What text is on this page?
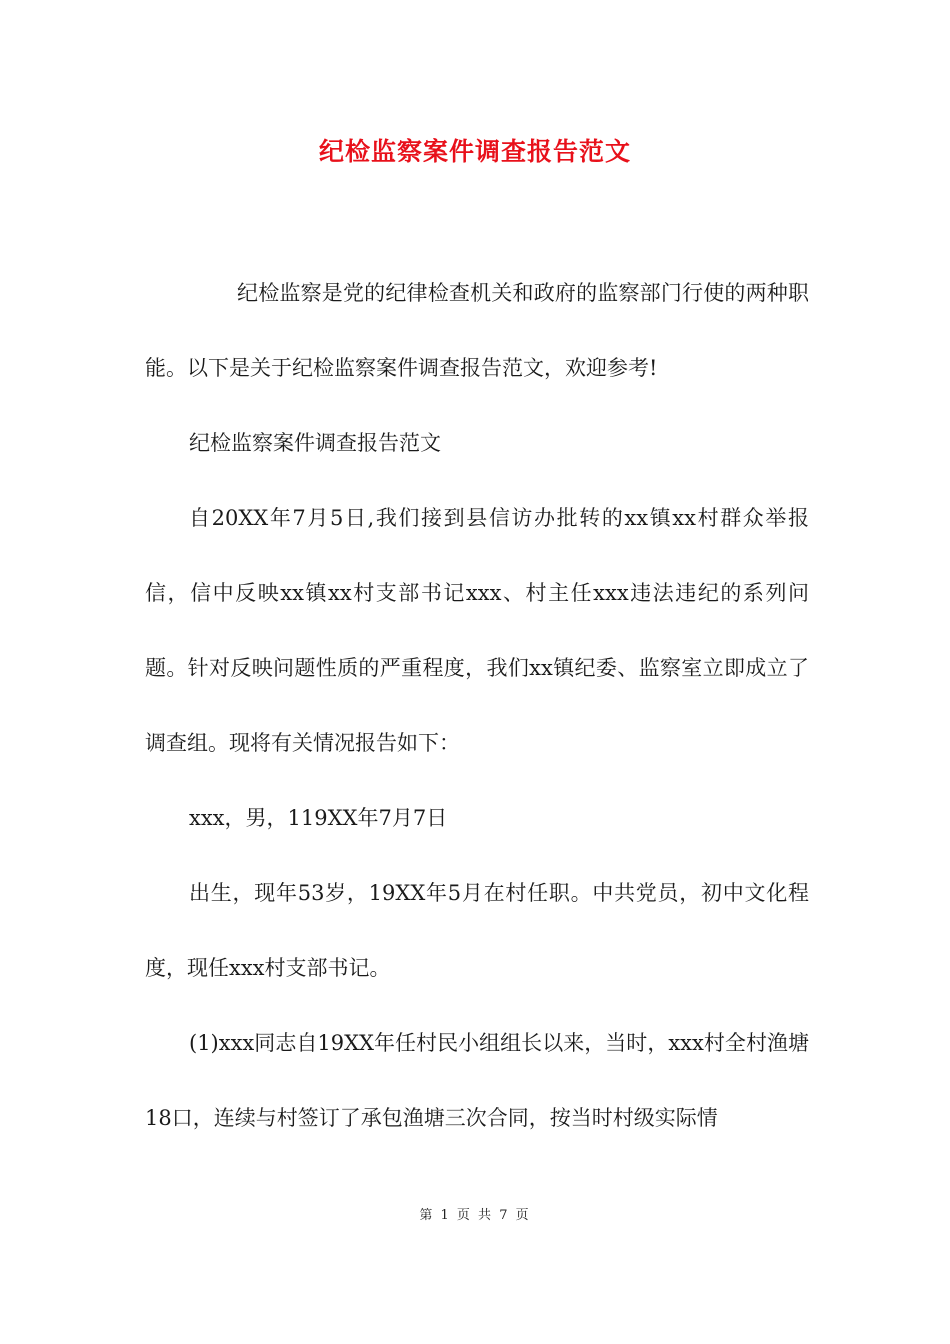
纪检监察案件调查报告范文

纪检监察是党的纪律检查机关和政府的监察部门行使的两种职能。以下是关于纪检监察案件调查报告范文，欢迎参考!

纪检监察案件调查报告范文

自20XX年7月5日,我们接到县信访办批转的xx镇xx村群众举报信，信中反映xx镇xx村支部书记xxx、村主任xxx违法违纪的系列问题。针对反映问题性质的严重程度，我们xx镇纪委、监察室立即成立了调查组。现将有关情况报告如下：

xxx，男，119XX年7月7日

出生，现年53岁，19XX年5月在村任职。中共党员，初中文化程度，现任xxx村支部书记。

(1)xxx同志自19XX年任村民小组组长以来，当时，xxx村全村渔塘18口，连续与村签订了承包渔塘三次合同，按当时村级实际情

第 1 页 共 7 页
